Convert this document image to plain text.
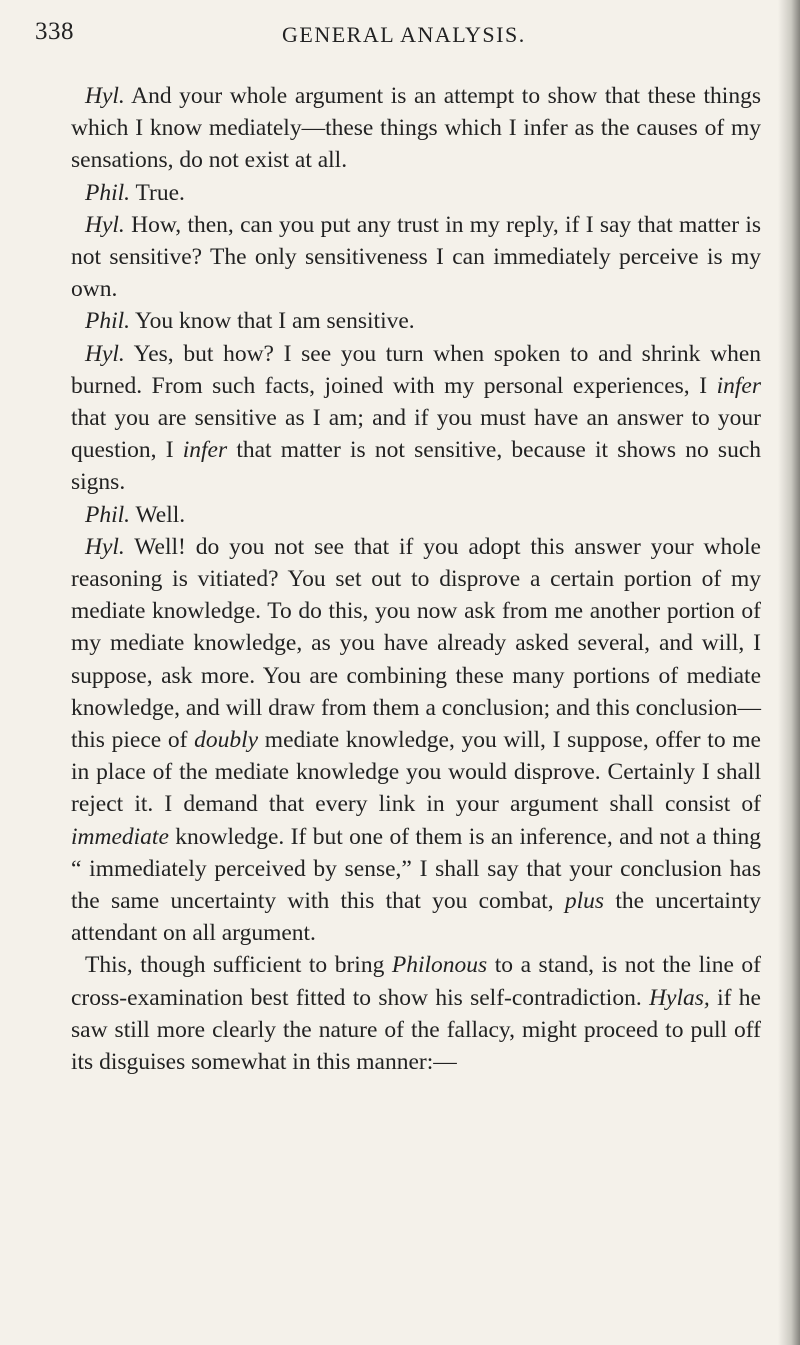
338	GENERAL ANALYSIS.

Hyl. And your whole argument is an attempt to show that these things which I know mediately—these things which I infer as the causes of my sensations, do not exist at all.

Phil. True.

Hyl. How, then, can you put any trust in my reply, if I say that matter is not sensitive? The only sensitiveness I can immediately perceive is my own.

Phil. You know that I am sensitive.

Hyl. Yes, but how? I see you turn when spoken to and shrink when burned. From such facts, joined with my personal experiences, I infer that you are sensitive as I am; and if you must have an answer to your question, I infer that matter is not sensitive, because it shows no such signs.

Phil. Well.

Hyl. Well! do you not see that if you adopt this answer your whole reasoning is vitiated? You set out to disprove a certain portion of my mediate knowledge. To do this, you now ask from me another portion of my mediate knowledge, as you have already asked several, and will, I suppose, ask more. You are combining these many portions of mediate knowledge, and will draw from them a conclusion; and this conclusion—this piece of doubly mediate knowledge, you will, I suppose, offer to me in place of the mediate knowledge you would disprove. Certainly I shall reject it. I demand that every link in your argument shall consist of immediate knowledge. If but one of them is an inference, and not a thing “ immediately perceived by sense,” I shall say that your conclusion has the same uncertainty with this that you combat, plus the uncertainty attendant on all argument.

This, though sufficient to bring Philonous to a stand, is not the line of cross-examination best fitted to show his self-contradiction. Hylas, if he saw still more clearly the nature of the fallacy, might proceed to pull off its disguises somewhat in this manner:—
